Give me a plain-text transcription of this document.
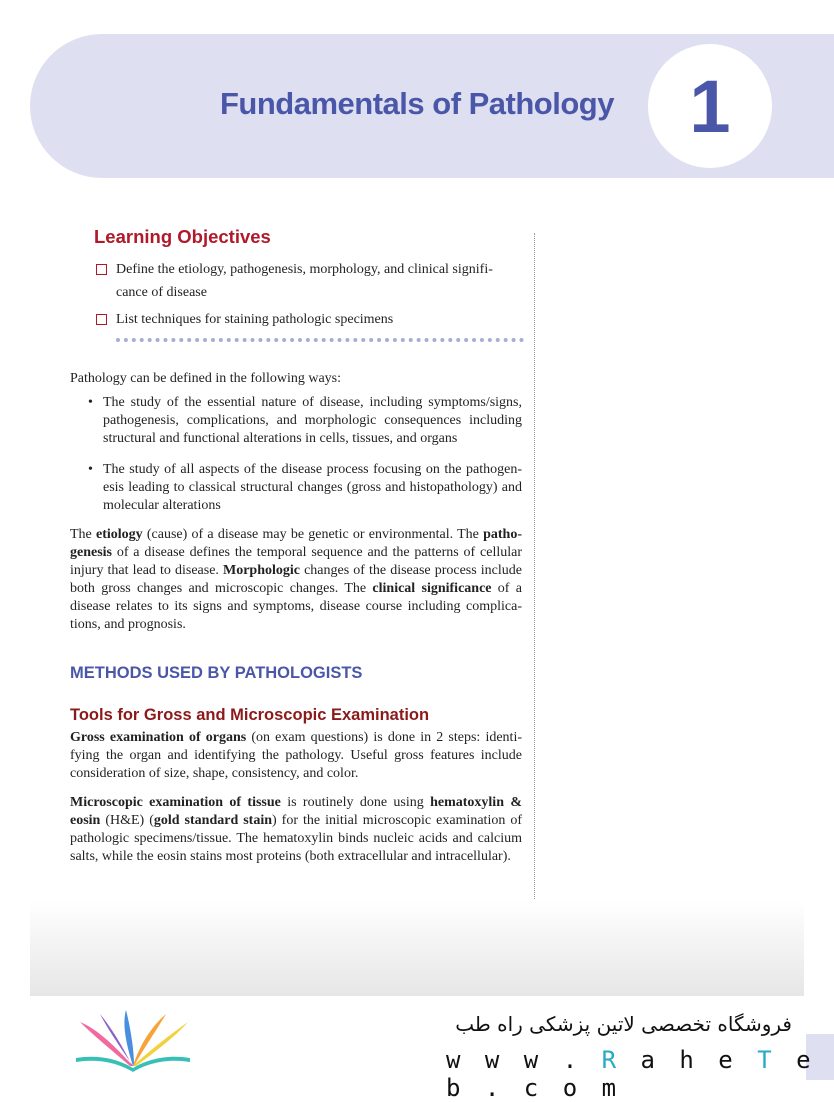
Fundamentals of Pathology	1
Learning Objectives
Define the etiology, pathogenesis, morphology, and clinical signifi-cance of disease
List techniques for staining pathologic specimens

Pathology can be defined in the following ways:

• The study of the essential nature of disease, including symptoms/signs, pathogenesis, complications, and morphologic consequences including structural and functional alterations in cells, tissues, and organs
• The study of all aspects of the disease process focusing on the pathogen-esis leading to classical structural changes (gross and histopathology) and molecular alterations

The etiology (cause) of a disease may be genetic or environmental. The patho-genesis of a disease defines the temporal sequence and the patterns of cellular injury that lead to disease. Morphologic changes of the disease process include both gross changes and microscopic changes. The clinical significance of a disease relates to its signs and symptoms, disease course including complica-tions, and prognosis.

METHODS USED BY PATHOLOGISTS
Tools for Gross and Microscopic Examination

Gross examination of organs (on exam questions) is done in 2 steps: identi-fying the organ and identifying the pathology. Useful gross features include consideration of size, shape, consistency, and color.

Microscopic examination of tissue is routinely done using hematoxylin & eosin (H&E) (gold standard stain) for the initial microscopic examination of pathologic specimens/tissue. The hematoxylin binds nucleic acids and calcium salts, while the eosin stains most proteins (both extracellular and intracellular).

فروشگاه تخصصی لاتین پزشکی راه طب
w w w . R a h e T e b . c o m
